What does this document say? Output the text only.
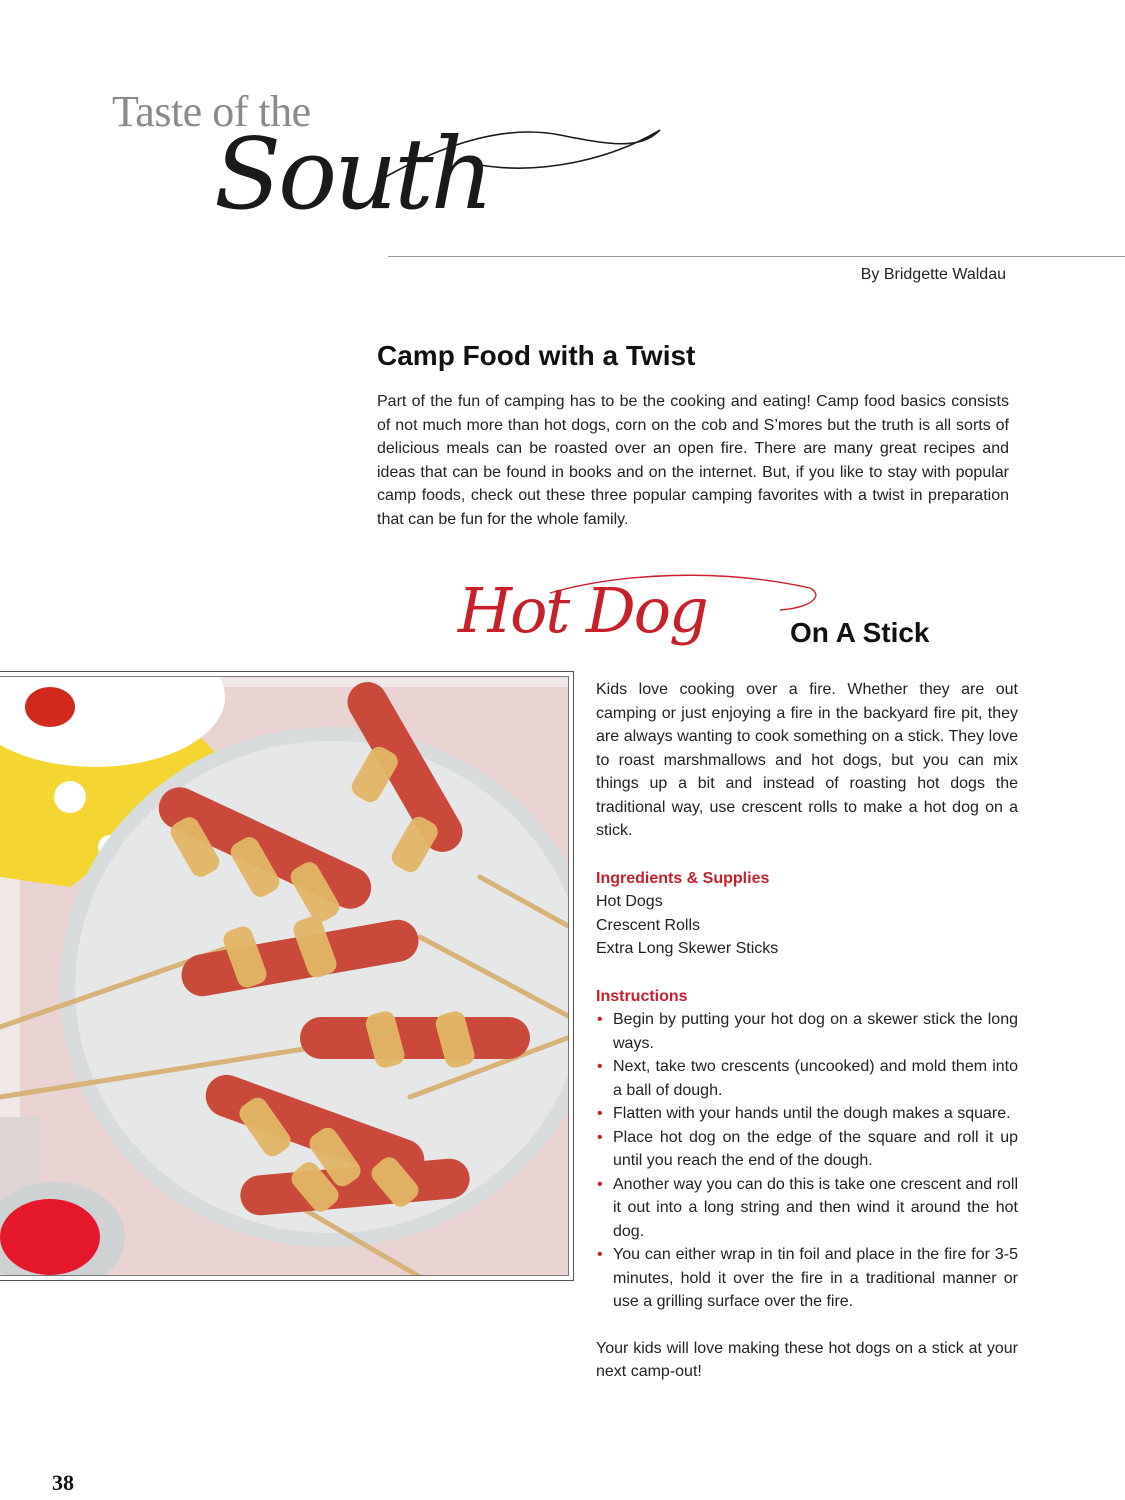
Taste of the
South
By Bridgette Waldau
Camp Food with a Twist
Part of the fun of camping has to be the cooking and eating! Camp food basics consists of not much more than hot dogs, corn on the cob and S’mores but the truth is all sorts of delicious meals can be roasted over an open fire. There are many great recipes and ideas that can be found in books and on the internet. But, if you like to stay with popular camp foods, check out these three popular camping favorites with a twist in preparation that can be fun for the whole family.
Hot Dog	On A Stick

Kids love cooking over a fire. Whether they are out camping or just enjoying a fire in the backyard fire pit, they are always wanting to cook something on a stick. They love to roast marshmallows and hot dogs, but you can mix things up a bit and instead of roasting hot dogs the traditional way, use crescent rolls to make a hot dog on a stick.

Ingredients & Supplies

Hot Dogs

Crescent Rolls

Extra Long Skewer Sticks

Instructions

• Begin by putting your hot dog on a skewer stick the long ways.
• Next, take two crescents (uncooked) and mold them into a ball of dough.
• Flatten with your hands until the dough makes a square.
• Place hot dog on the edge of the square and roll it up until you reach the end of the dough.
• Another way you can do this is take one crescent and roll it out into a long string and then wind it around the hot dog.
• You can either wrap in tin foil and place in the fire for 3-5 minutes, hold it over the fire in a traditional manner or use a grilling surface over the fire.

Your kids will love making these hot dogs on a stick at your next camp-out!

38
